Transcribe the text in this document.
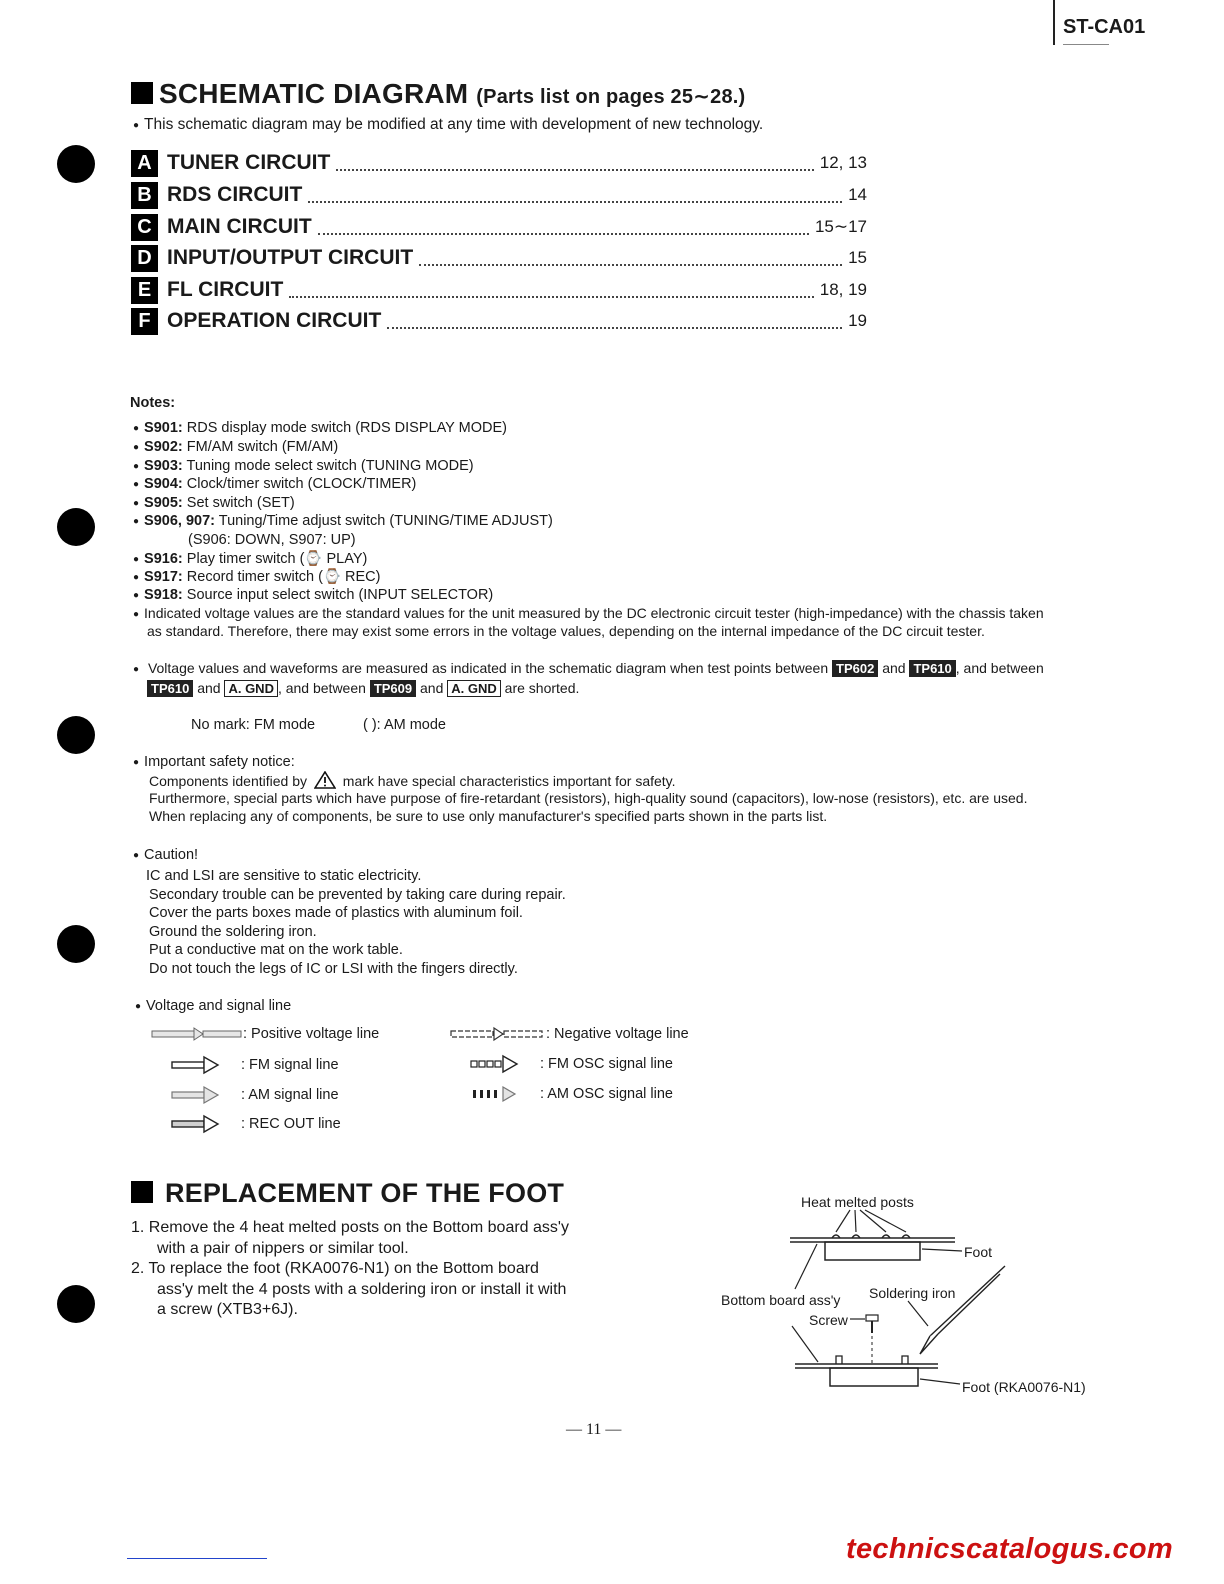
ST-CA01
SCHEMATIC DIAGRAM (Parts list on pages 25∼28.)
● This schematic diagram may be modified at any time with development of new technology.
A TUNER CIRCUIT	12, 13
B RDS CIRCUIT	14
C MAIN CIRCUIT	15∼17
D INPUT/OUTPUT CIRCUIT	15
E FL CIRCUIT	18, 19
F OPERATION CIRCUIT	19
Notes:
● S901: RDS display mode switch (RDS DISPLAY MODE)
● S902: FM/AM switch (FM/AM)
● S903: Tuning mode select switch (TUNING MODE)
● S904: Clock/timer switch (CLOCK/TIMER)
● S905: Set switch (SET)
● S906, 907: Tuning/Time adjust switch (TUNING/TIME ADJUST)
(S906: DOWN, S907: UP)
● S916: Play timer switch (⌚ PLAY)
● S917: Record timer switch (⌚ REC)
● S918: Source input select switch (INPUT SELECTOR)
● Indicated voltage values are the standard values for the unit measured by the DC electronic circuit tester (high-impedance) with the chassis taken
as standard. Therefore, there may exist some errors in the voltage values, depending on the internal impedance of the DC circuit tester.
● Voltage values and waveforms are measured as indicated in the schematic diagram when test points between TP602 and TP610 , and between
TP610 and A. GND , and between TP609 and A. GND are shorted.
No mark: FM mode	( ): AM mode
● Important safety notice:
Components identified by	mark have special characteristics important for safety.
Furthermore, special parts which have purpose of fire-retardant (resistors), high-quality sound (capacitors), low-nose (resistors), etc. are used.
When replacing any of components, be sure to use only manufacturer's specified parts shown in the parts list.
● Caution!
IC and LSI are sensitive to static electricity.
Secondary trouble can be prevented by taking care during repair.
Cover the parts boxes made of plastics with aluminum foil.
Ground the soldering iron.
Put a conductive mat on the work table.
Do not touch the legs of IC or LSI with the fingers directly.
● Voltage and signal line
: Positive voltage line	: Negative voltage line
: FM signal line	: FM OSC signal line
: AM signal line	: AM OSC signal line
: REC OUT line
REPLACEMENT OF THE FOOT
1. Remove the 4 heat melted posts on the Bottom board ass'y
with a pair of nippers or similar tool.
2. To replace the foot (RKA0076-N1) on the Bottom board
ass'y melt the 4 posts with a soldering iron or install it with
a screw (XTB3+6J).
Heat melted posts
Foot
Bottom board ass'y Soldering iron
Screw
Foot (RKA0076-N1)
— 11 —
technicscatalogus.com
